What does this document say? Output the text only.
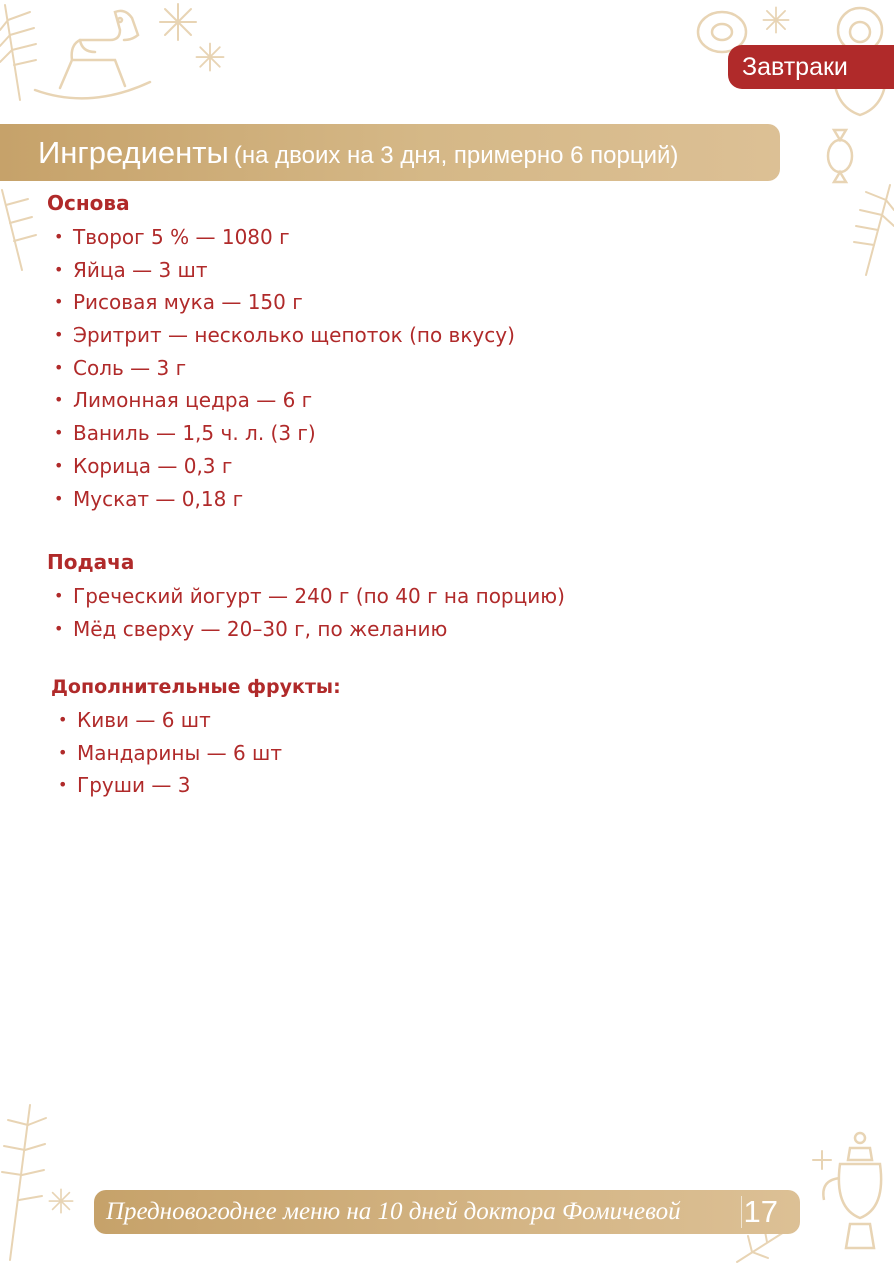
Завтраки
Ингредиенты (на двоих на 3 дня, примерно 6 порций)
Основа
• Творог 5 % — 1080 г
• Яйца — 3 шт
• Рисовая мука — 150 г
• Эритрит — несколько щепоток (по вкусу)
• Соль — 3 г
• Лимонная цедра — 6 г
• Ваниль — 1,5 ч. л. (3 г)
• Корица — 0,3 г
• Мускат — 0,18 г
Подача
• Греческий йогурт — 240 г (по 40 г на порцию)
• Мёд сверху — 20–30 г, по желанию
Дополнительные фрукты:
• Киви — 6 шт
• Мандарины — 6 шт
• Груши — 3
Предновогоднее меню на 10 дней доктора Фомичевой 17
